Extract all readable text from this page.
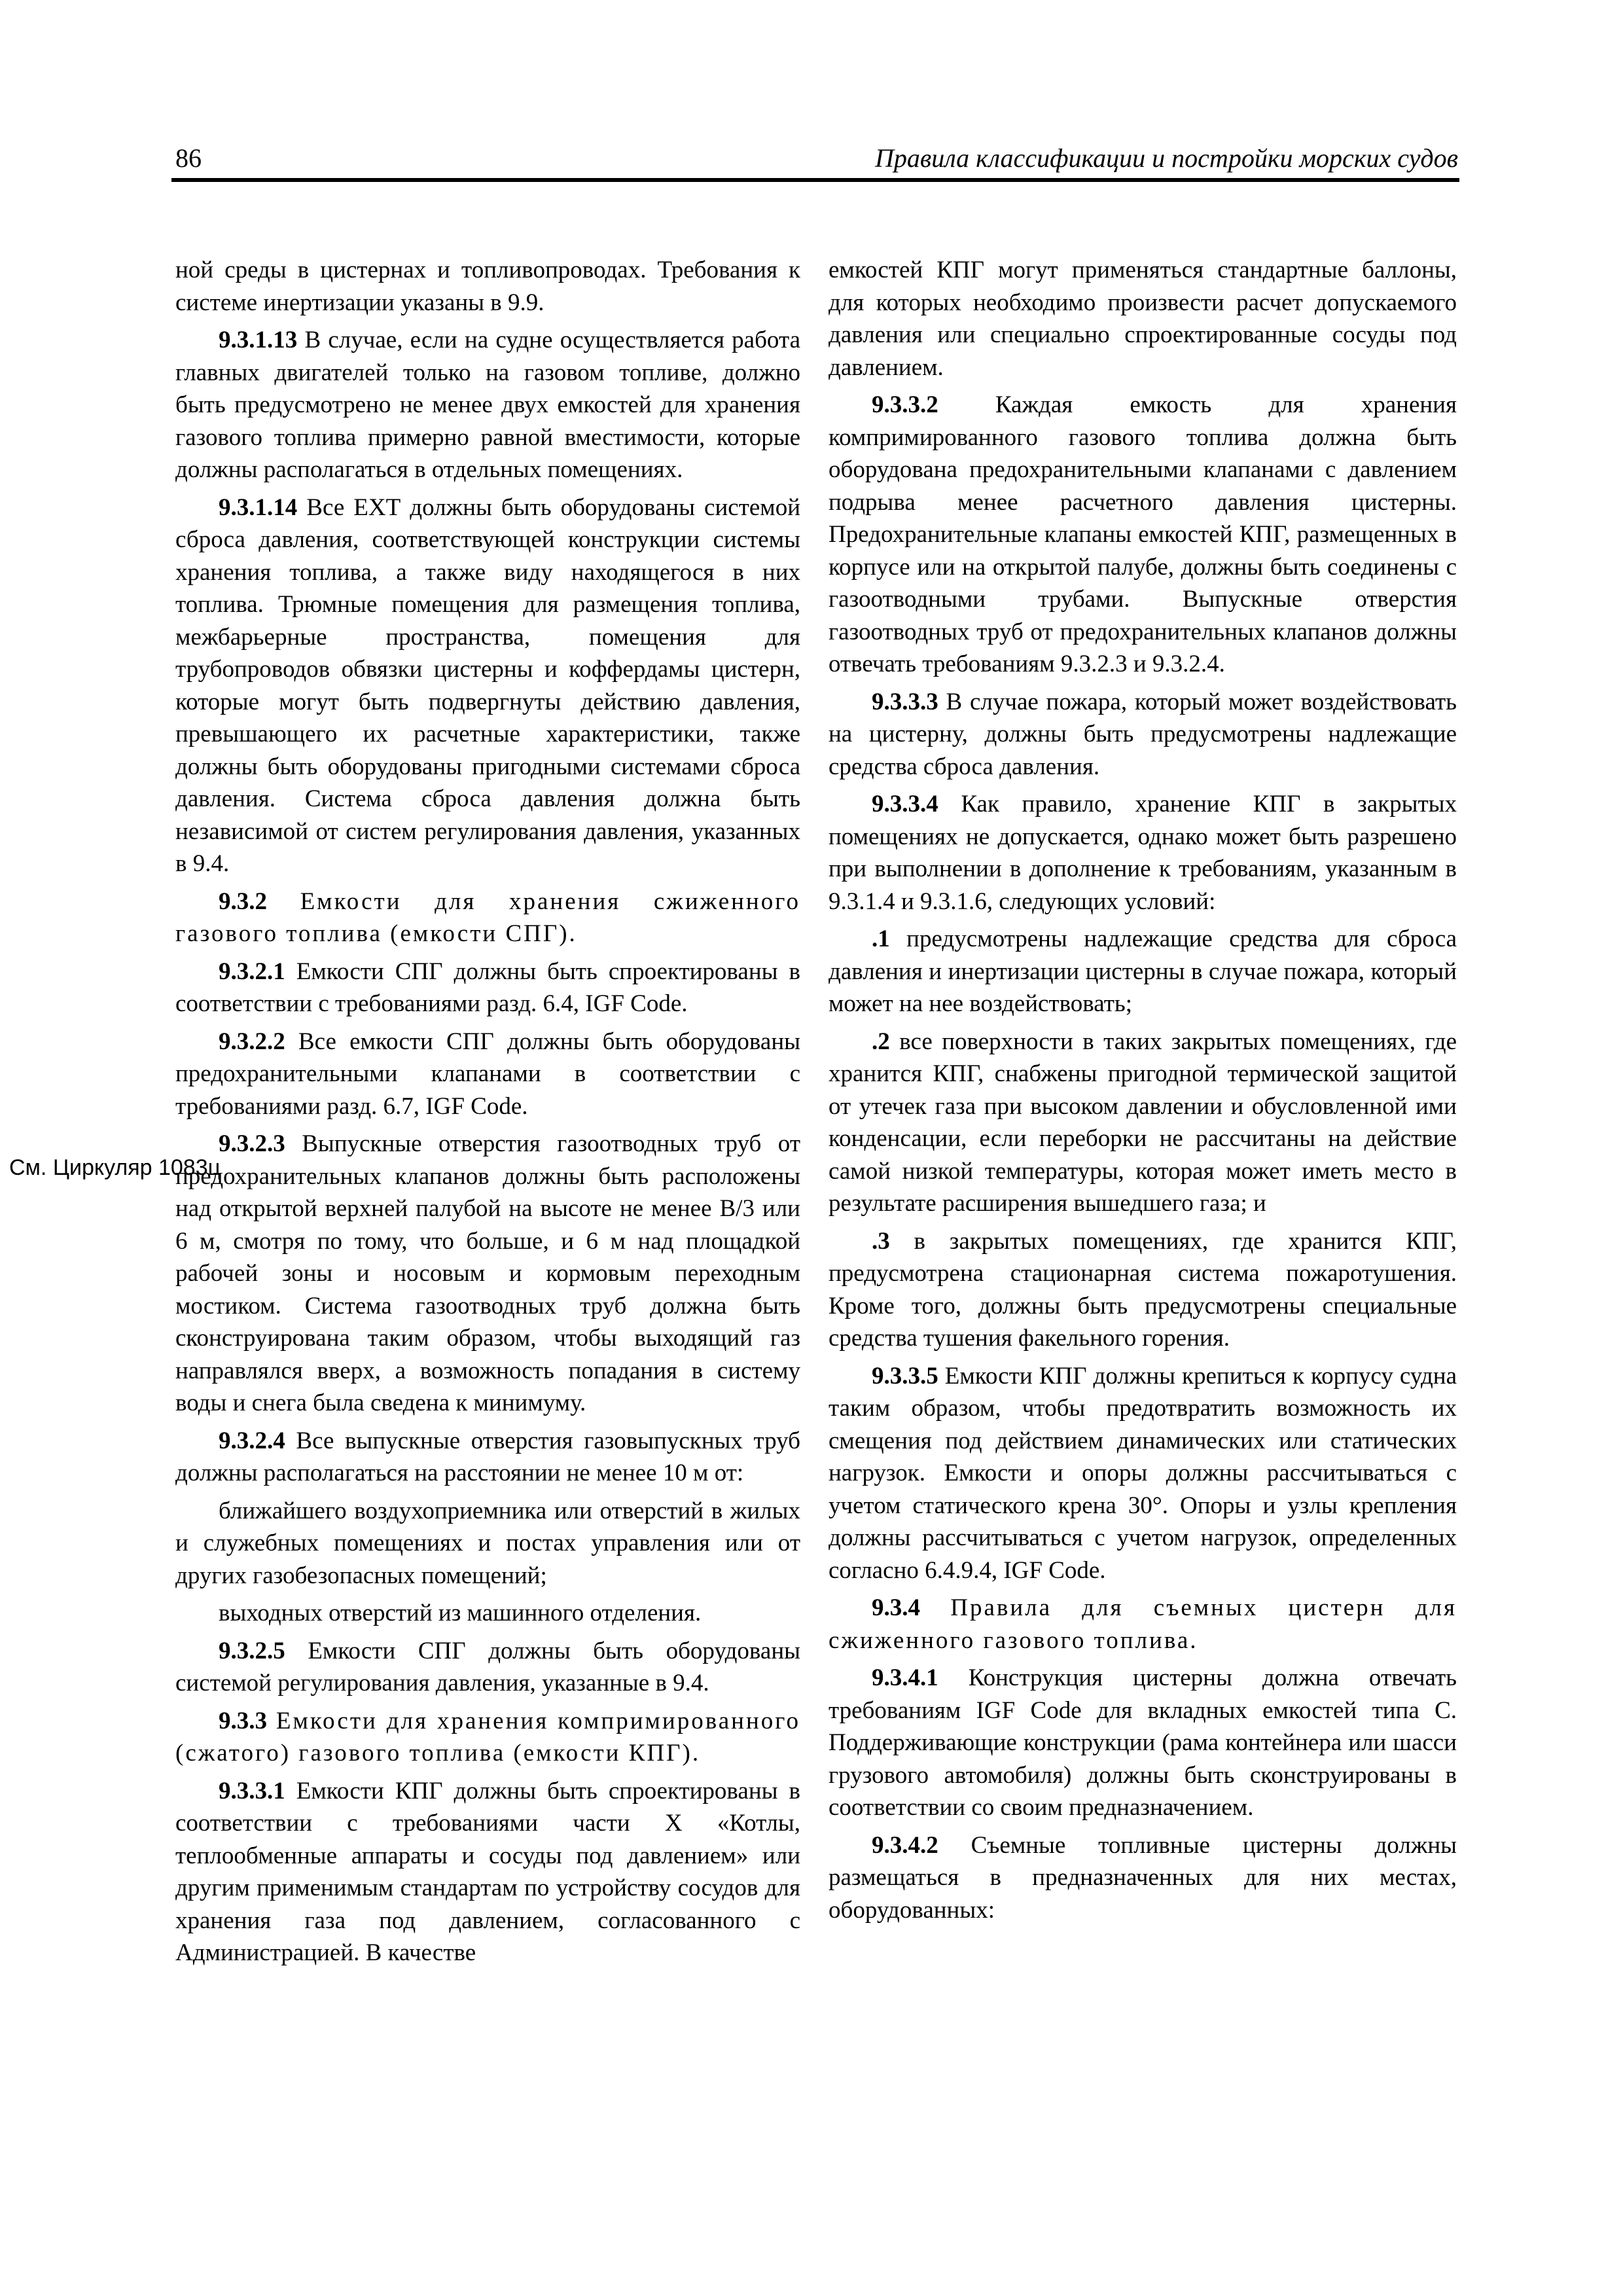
86	Правила классификации и постройки морских судов
См. Циркуляр 1083ц

ной среды в цистернах и топливопроводах. Требования к системе инертизации указаны в 9.9.

9.3.1.13 В случае, если на судне осуществляется работа главных двигателей только на газовом топливе, должно быть предусмотрено не менее двух емкостей для хранения газового топлива примерно равной вместимости, которые должны располагаться в отдельных помещениях.

9.3.1.14 Все ЕХТ должны быть оборудованы системой сброса давления, соответствующей конструкции системы хранения топлива, а также виду находящегося в них топлива. Трюмные помещения для размещения топлива, межбарьерные пространства, помещения для трубопроводов обвязки цистерны и коффердамы цистерн, которые могут быть подвергнуты действию давления, превышающего их расчетные характеристики, также должны быть оборудованы пригодными системами сброса давления. Система сброса давления должна быть независимой от систем регулирования давления, указанных в 9.4.

9.3.2 Емкости для хранения сжиженного газового топлива (емкости СПГ).

9.3.2.1 Емкости СПГ должны быть спроектированы в соответствии с требованиями разд. 6.4, IGF Code.

9.3.2.2 Все емкости СПГ должны быть оборудованы предохранительными клапанами в соответствии с требованиями разд. 6.7, IGF Code.

9.3.2.3 Выпускные отверстия газоотводных труб от предохранительных клапанов должны быть расположены над открытой верхней палубой на высоте не менее B/3 или 6 м, смотря по тому, что больше, и 6 м над площадкой рабочей зоны и носовым и кормовым переходным мостиком. Система газоотводных труб должна быть сконструирована таким образом, чтобы выходящий газ направлялся вверх, а возможность попадания в систему воды и снега была сведена к минимуму.

9.3.2.4 Все выпускные отверстия газовыпускных труб должны располагаться на расстоянии не менее 10 м от:

ближайшего воздухоприемника или отверстий в жилых и служебных помещениях и постах управления или от других газобезопасных помещений;

выходных отверстий из машинного отделения.

9.3.2.5 Емкости СПГ должны быть оборудованы системой регулирования давления, указанные в 9.4.

9.3.3 Емкости для хранения компримированного (сжатого) газового топлива (емкости КПГ).

9.3.3.1 Емкости КПГ должны быть спроектированы в соответствии с требованиями части X «Котлы, теплообменные аппараты и сосуды под давлением» или другим применимым стандартам по устройству сосудов для хранения газа под давлением, согласованного с Администрацией. В качестве

емкостей КПГ могут применяться стандартные баллоны, для которых необходимо произвести расчет допускаемого давления или специально спроектированные сосуды под давлением.

9.3.3.2 Каждая емкость для хранения компримированного газового топлива должна быть оборудована предохранительными клапанами с давлением подрыва менее расчетного давления цистерны. Предохранительные клапаны емкостей КПГ, размещенных в корпусе или на открытой палубе, должны быть соединены с газоотводными трубами. Выпускные отверстия газоотводных труб от предохранительных клапанов должны отвечать требованиям 9.3.2.3 и 9.3.2.4.

9.3.3.3 В случае пожара, который может воздействовать на цистерну, должны быть предусмотрены надлежащие средства сброса давления.

9.3.3.4 Как правило, хранение КПГ в закрытых помещениях не допускается, однако может быть разрешено при выполнении в дополнение к требованиям, указанным в 9.3.1.4 и 9.3.1.6, следующих условий:

.1 предусмотрены надлежащие средства для сброса давления и инертизации цистерны в случае пожара, который может на нее воздействовать;

.2 все поверхности в таких закрытых помещениях, где хранится КПГ, снабжены пригодной термической защитой от утечек газа при высоком давлении и обусловленной ими конденсации, если переборки не рассчитаны на действие самой низкой температуры, которая может иметь место в результате расширения вышедшего газа; и

.3 в закрытых помещениях, где хранится КПГ, предусмотрена стационарная система пожаротушения. Кроме того, должны быть предусмотрены специальные средства тушения факельного горения.

9.3.3.5 Емкости КПГ должны крепиться к корпусу судна таким образом, чтобы предотвратить возможность их смещения под действием динамических или статических нагрузок. Емкости и опоры должны рассчитываться с учетом статического крена 30°. Опоры и узлы крепления должны рассчитываться с учетом нагрузок, определенных согласно 6.4.9.4, IGF Code.

9.3.4 Правила для съемных цистерн для сжиженного газового топлива.

9.3.4.1 Конструкция цистерны должна отвечать требованиям IGF Code для вкладных емкостей типа С. Поддерживающие конструкции (рама контейнера или шасси грузового автомобиля) должны быть сконструированы в соответствии со своим предназначением.

9.3.4.2 Съемные топливные цистерны должны размещаться в предназначенных для них местах, оборудованных:
